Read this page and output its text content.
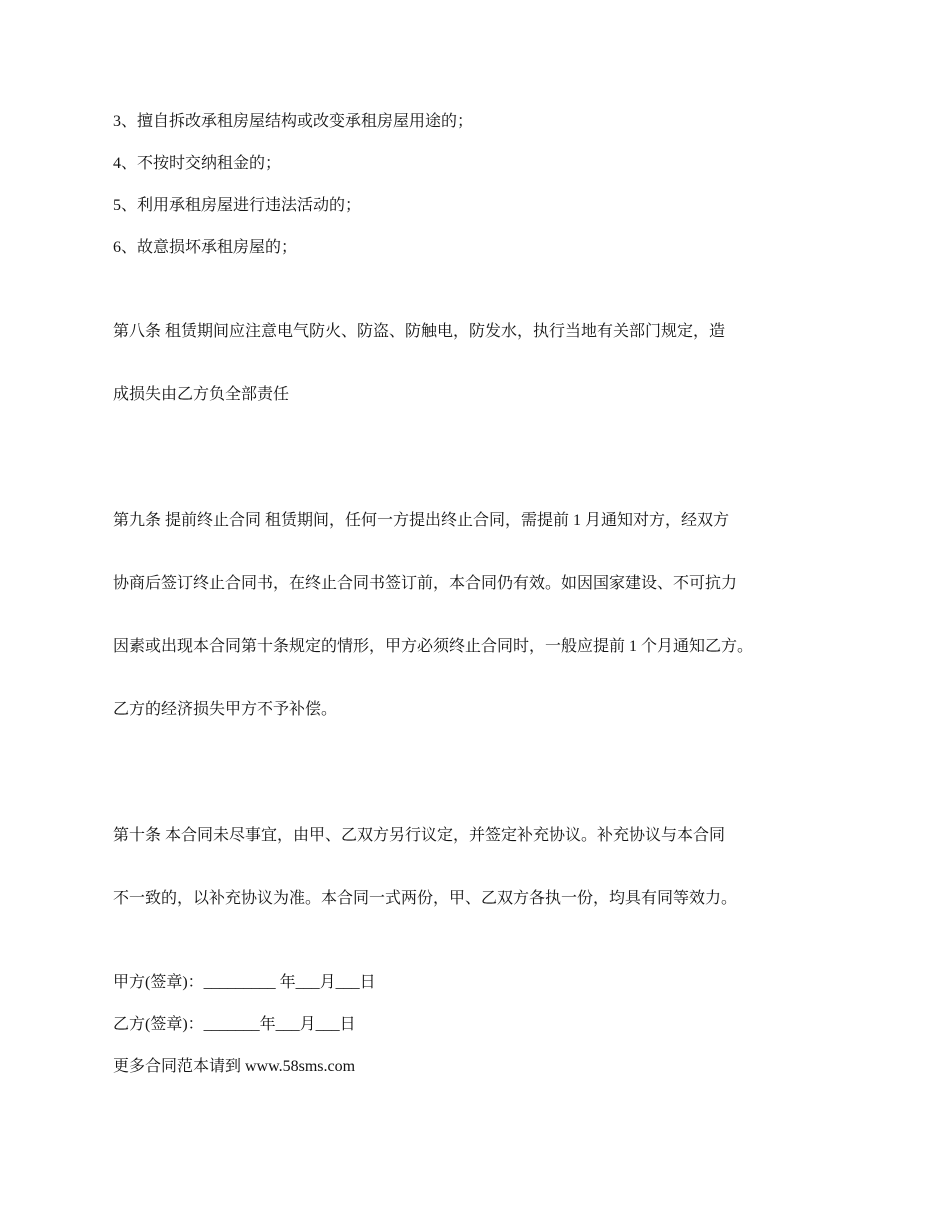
3、擅自拆改承租房屋结构或改变承租房屋用途的；

4、不按时交纳租金的；

5、利用承租房屋进行违法活动的；

6、故意损坏承租房屋的；

第八条 租赁期间应注意电气防火、防盗、防触电，防发水，执行当地有关部门规定，造

成损失由乙方负全部责任

第九条 提前终止合同 租赁期间，任何一方提出终止合同，需提前 1 月通知对方，经双方

协商后签订终止合同书，在终止合同书签订前，本合同仍有效。如因国家建设、不可抗力

因素或出现本合同第十条规定的情形，甲方必须终止合同时，一般应提前 1 个月通知乙方。

乙方的经济损失甲方不予补偿。

第十条 本合同未尽事宜，由甲、乙双方另行议定，并签定补充协议。补充协议与本合同

不一致的，以补充协议为准。本合同一式两份，甲、乙双方各执一份，均具有同等效力。

甲方(签章)：_________ 年___月___日

乙方(签章)：_______年___月___日

更多合同范本请到 www.58sms.com
